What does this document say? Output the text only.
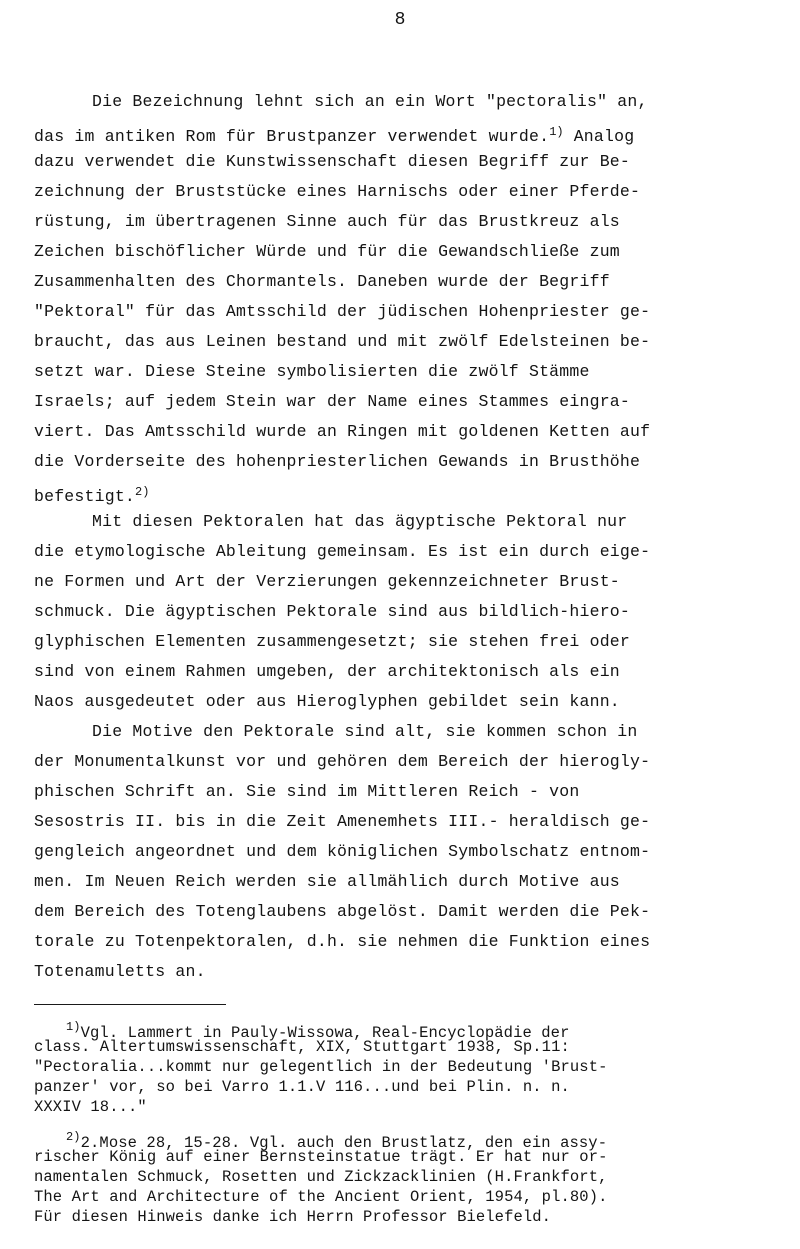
8
Die Bezeichnung lehnt sich an ein Wort "pectoralis" an,
das im antiken Rom für Brustpanzer verwendet wurde.$^{1)}$ Analog
dazu verwendet die Kunstwissenschaft diesen Begriff zur Be-
zeichnung der Bruststücke eines Harnischs oder einer Pferde-
rüstung, im übertragenen Sinne auch für das Brustkreuz als
Zeichen bischöflicher Würde und für die Gewandschließe zum
Zusammenhalten des Chormantels. Daneben wurde der Begriff
"Pektoral" für das Amtsschild der jüdischen Hohenpriester ge-
braucht, das aus Leinen bestand und mit zwölf Edelsteinen be-
setzt war. Diese Steine symbolisierten die zwölf Stämme
Israels; auf jedem Stein war der Name eines Stammes eingra-
viert. Das Amtsschild wurde an Ringen mit goldenen Ketten auf
die Vorderseite des hohenpriesterlichen Gewands in Brusthöhe
befestigt.$^{2)}$
Mit diesen Pektoralen hat das ägyptische Pektoral nur
die etymologische Ableitung gemeinsam. Es ist ein durch eige-
ne Formen und Art der Verzierungen gekennzeichneter Brust-
schmuck. Die ägyptischen Pektorale sind aus bildlich-hiero-
glyphischen Elementen zusammengesetzt; sie stehen frei oder
sind von einem Rahmen umgeben, der architektonisch als ein
Naos ausgedeutet oder aus Hieroglyphen gebildet sein kann.
Die Motive den Pektorale sind alt, sie kommen schon in
der Monumentalkunst vor und gehören dem Bereich der hierogly-
phischen Schrift an. Sie sind im Mittleren Reich - von
Sesostris II. bis in die Zeit Amenemhets III.- heraldisch ge-
gengleich angeordnet und dem königlichen Symbolschatz entnom-
men. Im Neuen Reich werden sie allmählich durch Motive aus
dem Bereich des Totenglaubens abgelöst. Damit werden die Pek-
torale zu Totenpektoralen, d.h. sie nehmen die Funktion eines
Totenamuletts an.
$^{1)}$Vgl. Lammert in Pauly-Wissowa, Real-Encyclopädie der
class. Altertumswissenschaft, XIX, Stuttgart 1938, Sp.11:
"Pectoralia...kommt nur gelegentlich in der Bedeutung 'Brust-
panzer' vor, so bei Varro 1.1.V 116...und bei Plin. n. n.
XXXIV 18..."
$^{2)}$2.Mose 28, 15-28. Vgl. auch den Brustlatz, den ein assy-
rischer König auf einer Bernsteinstatue trägt. Er hat nur or-
namentalen Schmuck, Rosetten und Zickzacklinien (H.Frankfort,
The Art and Architecture of the Ancient Orient, 1954, pl.80).
Für diesen Hinweis danke ich Herrn Professor Bielefeld.
